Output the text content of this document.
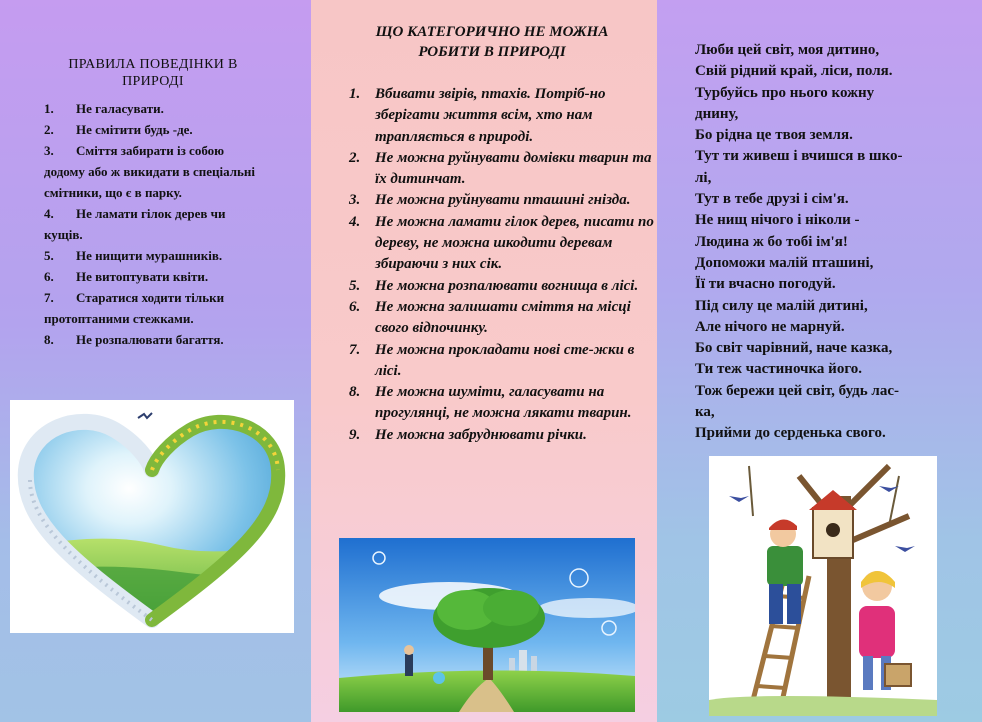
ПРАВИЛА ПОВЕДІНКИ В ПРИРОДІ
1. Не галасувати.
2. Не смітити будь -де.
3. Сміття забирати із собою додому або ж викидати в спеціальні смітники, що є в парку.
4. Не ламати гілок дерев чи кущів.
5. Не нищити мурашників.
6. Не витоптувати квіти.
7. Старатися ходити тільки протоптаними стежками.
8. Не розпалювати багаття.
ЩО КАТЕГОРИЧНО НЕ МОЖНА РОБИТИ В ПРИРОДІ
1. Вбивати звірів, птахів. Потріб-но зберігати життя всім, хто нам трапляється в природі.
2. Не можна руйнувати домівки тварин та їх дитинчат.
3. Не можна руйнувати пташині гнізда.
4. Не можна ламати гілок дерев, писати по дереву, не можна шкодити деревам збираючи з них сік.
5. Не можна розпалювати вогнища в лісі.
6. Не можна залишати сміття на місці свого відпочинку.
7. Не можна прокладати нові сте-жки в лісі.
8. Не можна шуміти, галасувати на прогулянці, не можна лякати тварин.
9. Не можна забруднювати річки.
Люби цей світ, моя дитино,
Свій рідний край, ліси, поля.
Турбуйсь про нього кожну
днину,
Бо рідна це твоя земля.
Тут ти живеш і вчишся в шко-
лі,
Тут в тебе друзі і сім'я.
Не нищ нічого і ніколи -
Людина ж бо тобі ім'я!
Допоможи малій пташині,
Її ти вчасно погодуй.
Під силу це малій дитині,
Але нічого не марнуй.
Бо світ чарівний, наче казка,
Ти теж частиночка його.
Тож бережи цей світ, будь лас-
ка,
Прийми до серденька свого.
